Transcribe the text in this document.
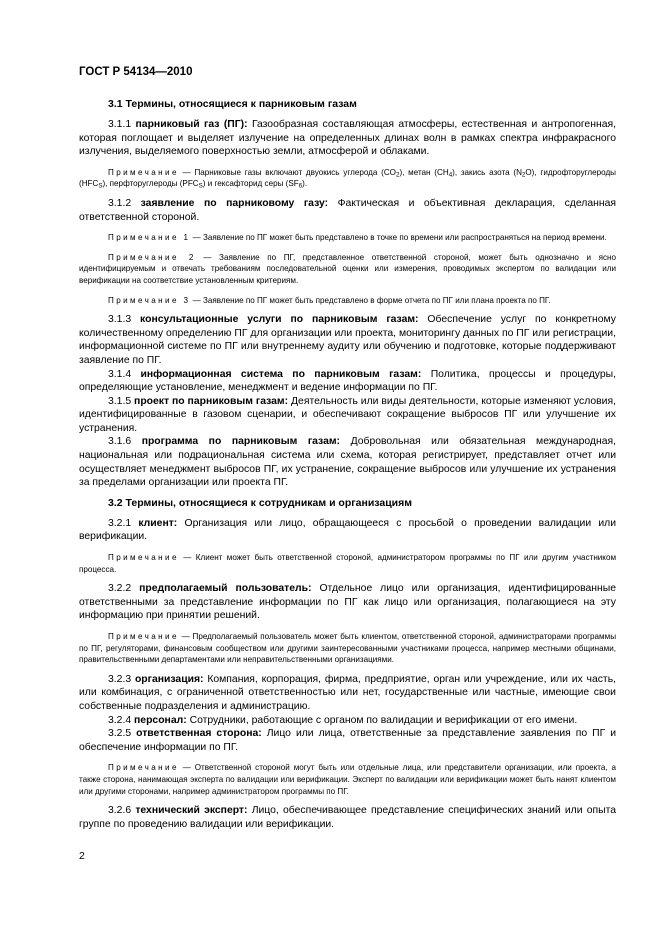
ГОСТ Р 54134—2010
3.1 Термины, относящиеся к парниковым газам

3.1.1 парниковый газ (ПГ): Газообразная составляющая атмосферы, естественная и антропогенная, которая поглощает и выделяет излучение на определенных длинах волн в рамках спектра инфракрасного излучения, выделяемого поверхностью земли, атмосферой и облаками.

Примечание — Парниковые газы включают двуокись углерода $(CO_2)$, метан $(CH_4)$, закись азота $(N_2O)$, гидрофторуглероды $(HFC_S)$, перфторуглероды $(PFC_S)$ и гексафторид серы $(SF_6)$.

3.1.2 заявление по парниковому газу: Фактическая и объективная декларация, сделанная ответственной стороной.

Примечание 1 — Заявление по ПГ может быть представлено в точке по времени или распространяться на период времени.

Примечание 2 — Заявление по ПГ, представленное ответственной стороной, может быть однозначно и ясно идентифицируемым и отвечать требованиям последовательной оценки или измерения, проводимых экспертом по валидации или верификации на соответствие установленным критериям.

Примечание 3 — Заявление по ПГ может быть представлено в форме отчета по ПГ или плана проекта по ПГ.

3.1.3 консультационные услуги по парниковым газам: Обеспечение услуг по конкретному количественному определению ПГ для организации или проекта, мониторингу данных по ПГ или регистрации, информационной системе по ПГ или внутреннему аудиту или обучению и подготовке, которые поддерживают заявление по ПГ.

3.1.4 информационная система по парниковым газам: Политика, процессы и процедуры, определяющие установление, менеджмент и ведение информации по ПГ.

3.1.5 проект по парниковым газам: Деятельность или виды деятельности, которые изменяют условия, идентифицированные в газовом сценарии, и обеспечивают сокращение выбросов ПГ или улучшение их устранения.

3.1.6 программа по парниковым газам: Добровольная или обязательная международная, национальная или подрациональная система или схема, которая регистрирует, представляет отчет или осуществляет менеджмент выбросов ПГ, их устранение, сокращение выбросов или улучшение их устранения за пределами организации или проекта ПГ.

3.2 Термины, относящиеся к сотрудникам и организациям

3.2.1 клиент: Организация или лицо, обращающееся с просьбой о проведении валидации или верификации.

Примечание — Клиент может быть ответственной стороной, администратором программы по ПГ или другим участником процесса.

3.2.2 предполагаемый пользователь: Отдельное лицо или организация, идентифицированные ответственными за представление информации по ПГ как лицо или организация, полагающиеся на эту информацию при принятии решений.

Примечание — Предполагаемый пользователь может быть клиентом, ответственной стороной, администраторами программы по ПГ, регуляторами, финансовым сообществом или другими заинтересованными участниками процесса, например местными общинами, правительственными департаментами или неправительственными организациями.

3.2.3 организация: Компания, корпорация, фирма, предприятие, орган или учреждение, или их часть, или комбинация, с ограниченной ответственностью или нет, государственные или частные, имеющие свои собственные подразделения и администрацию.

3.2.4 персонал: Сотрудники, работающие с органом по валидации и верификации от его имени.

3.2.5 ответственная сторона: Лицо или лица, ответственные за представление заявления по ПГ и обеспечение информации по ПГ.

Примечание — Ответственной стороной могут быть или отдельные лица, или представители организации, или проекта, а также сторона, нанимающая эксперта по валидации или верификации. Эксперт по валидации или верификации может быть нанят клиентом или другими сторонами, например администратором программы по ПГ.

3.2.6 технический эксперт: Лицо, обеспечивающее представление специфических знаний или опыта группе по проведению валидации или верификации.

2
